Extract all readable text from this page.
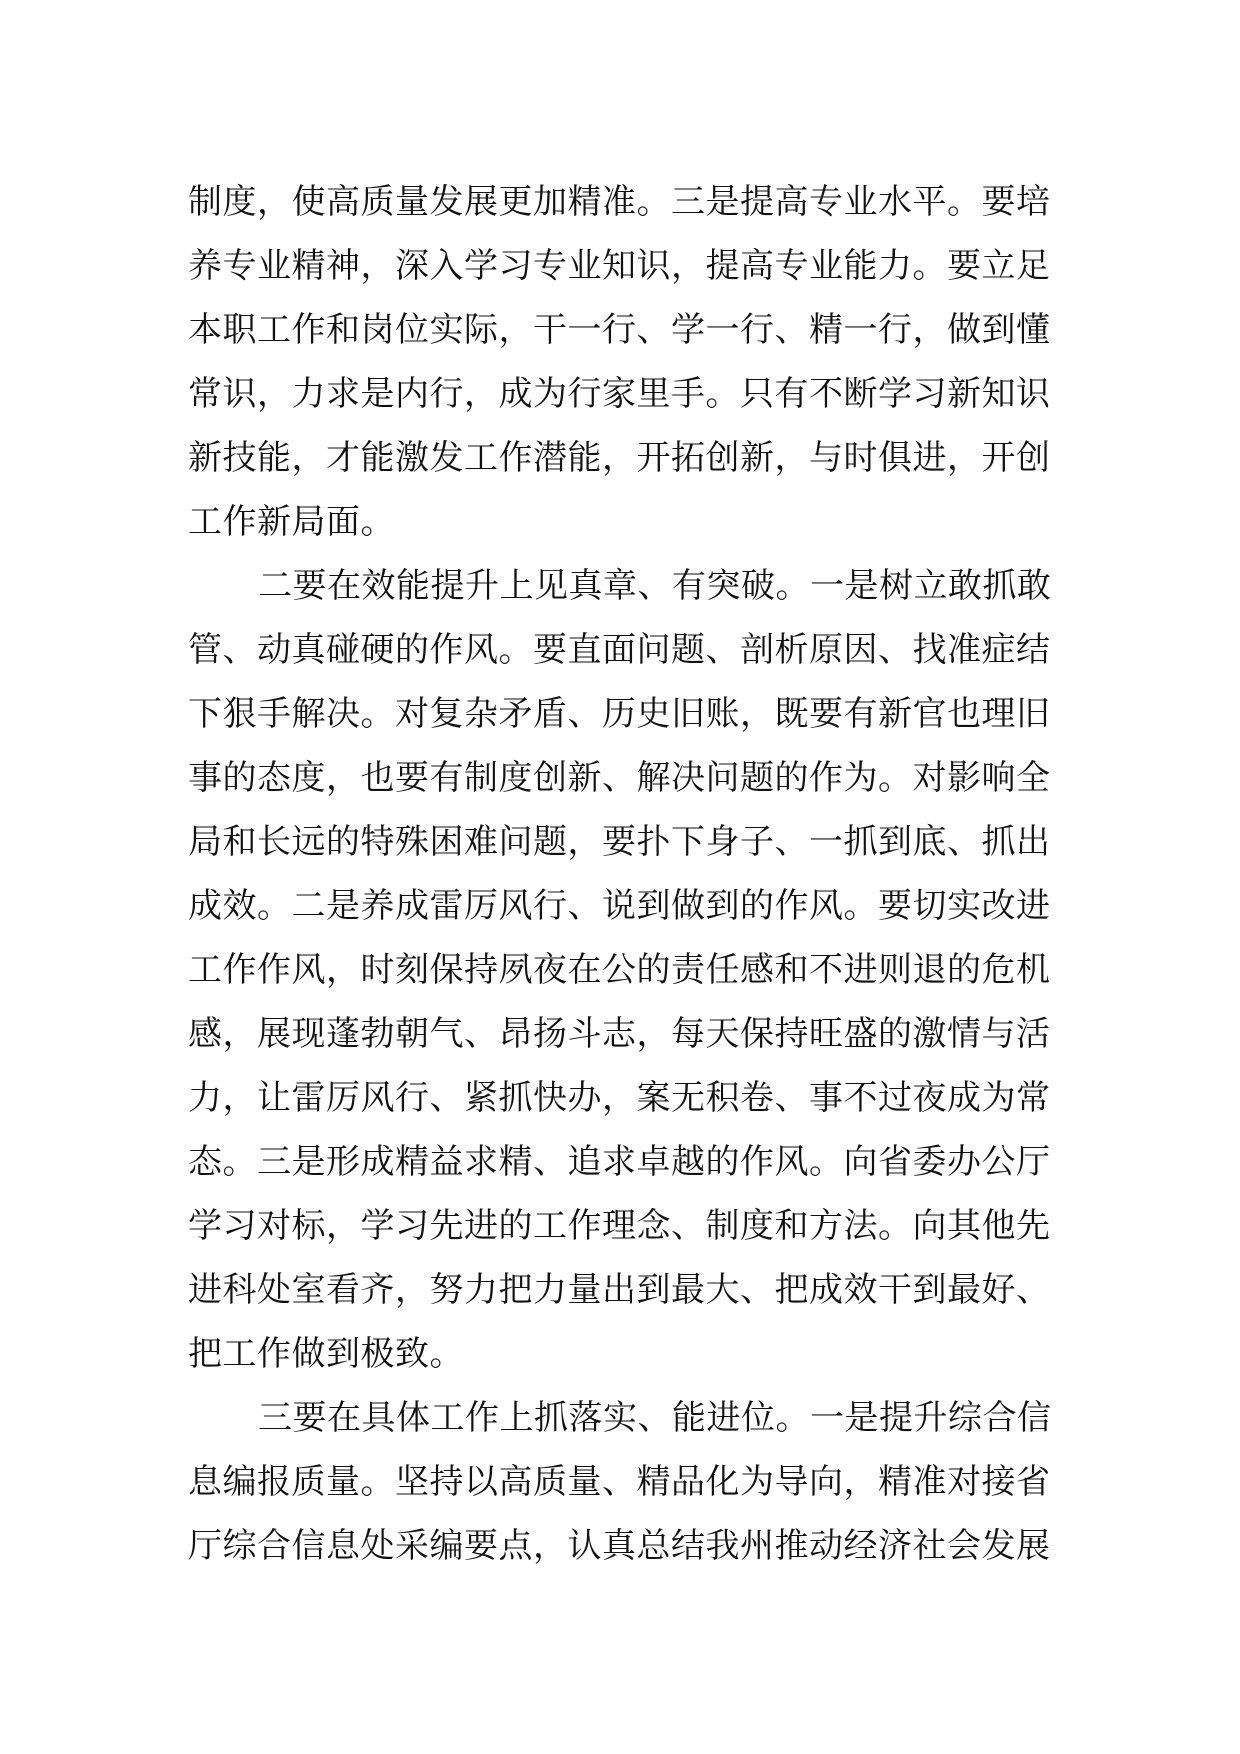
制度，使高质量发展更加精准。三是提高专业水平。要培
养专业精神，深入学习专业知识，提高专业能力。要立足
本职工作和岗位实际，干一行、学一行、精一行，做到懂
常识，力求是内行，成为行家里手。只有不断学习新知识
新技能，才能激发工作潜能，开拓创新，与时俱进，开创
工作新局面。
二要在效能提升上见真章、有突破。一是树立敢抓敢
管、动真碰硬的作风。要直面问题、剖析原因、找准症结
下狠手解决。对复杂矛盾、历史旧账，既要有新官也理旧
事的态度，也要有制度创新、解决问题的作为。对影响全
局和长远的特殊困难问题，要扑下身子、一抓到底、抓出
成效。二是养成雷厉风行、说到做到的作风。要切实改进
工作作风，时刻保持夙夜在公的责任感和不进则退的危机
感，展现蓬勃朝气、昂扬斗志，每天保持旺盛的激情与活
力，让雷厉风行、紧抓快办，案无积卷、事不过夜成为常
态。三是形成精益求精、追求卓越的作风。向省委办公厅
学习对标，学习先进的工作理念、制度和方法。向其他先
进科处室看齐，努力把力量出到最大、把成效干到最好、
把工作做到极致。
三要在具体工作上抓落实、能进位。一是提升综合信
息编报质量。坚持以高质量、精品化为导向，精准对接省
厅综合信息处采编要点，认真总结我州推动经济社会发展
